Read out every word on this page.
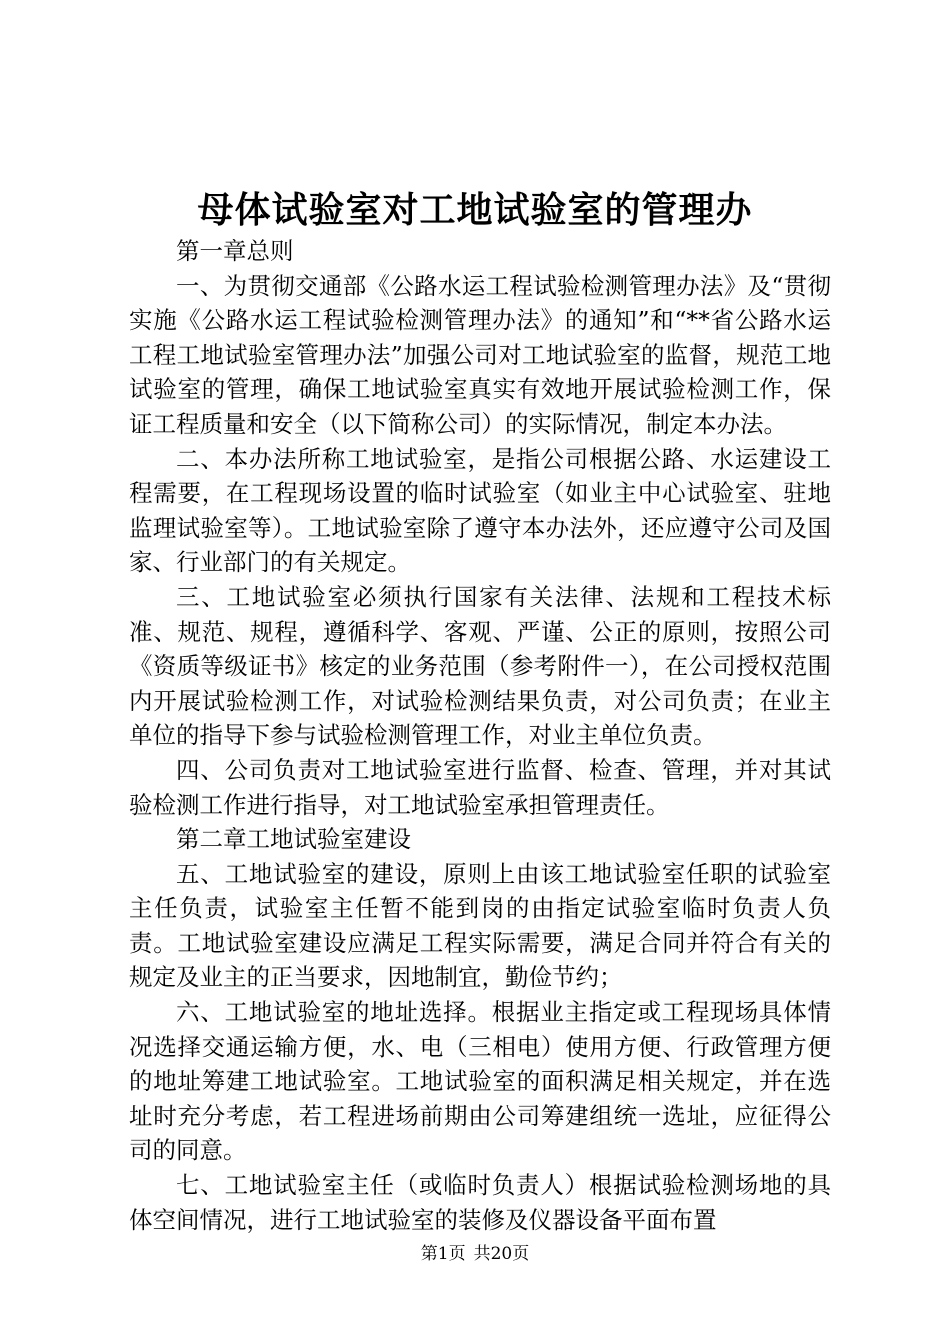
母体试验室对工地试验室的管理办

第一章总则

一、为贯彻交通部《公路水运工程试验检测管理办法》及“贯彻实施《公路水运工程试验检测管理办法》的通知”和“**省公路水运工程工地试验室管理办法”加强公司对工地试验室的监督，规范工地试验室的管理，确保工地试验室真实有效地开展试验检测工作，保证工程质量和安全（以下简称公司）的实际情况，制定本办法。

二、本办法所称工地试验室，是指公司根据公路、水运建设工程需要，在工程现场设置的临时试验室（如业主中心试验室、驻地监理试验室等）。工地试验室除了遵守本办法外，还应遵守公司及国家、行业部门的有关规定。

三、工地试验室必须执行国家有关法律、法规和工程技术标准、规范、规程，遵循科学、客观、严谨、公正的原则，按照公司《资质等级证书》核定的业务范围（参考附件一），在公司授权范围内开展试验检测工作，对试验检测结果负责，对公司负责；在业主单位的指导下参与试验检测管理工作，对业主单位负责。

四、公司负责对工地试验室进行监督、检查、管理，并对其试验检测工作进行指导，对工地试验室承担管理责任。

第二章工地试验室建设

五、工地试验室的建设，原则上由该工地试验室任职的试验室主任负责，试验室主任暂不能到岗的由指定试验室临时负责人负责。工地试验室建设应满足工程实际需要，满足合同并符合有关的规定及业主的正当要求，因地制宜，勤俭节约；

六、工地试验室的地址选择。根据业主指定或工程现场具体情况选择交通运输方便，水、电（三相电）使用方便、行政管理方便的地址筹建工地试验室。工地试验室的面积满足相关规定，并在选址时充分考虑，若工程进场前期由公司筹建组统一选址，应征得公司的同意。

七、工地试验室主任（或临时负责人）根据试验检测场地的具体空间情况，进行工地试验室的装修及仪器设备平面布置

第1页 共20页
